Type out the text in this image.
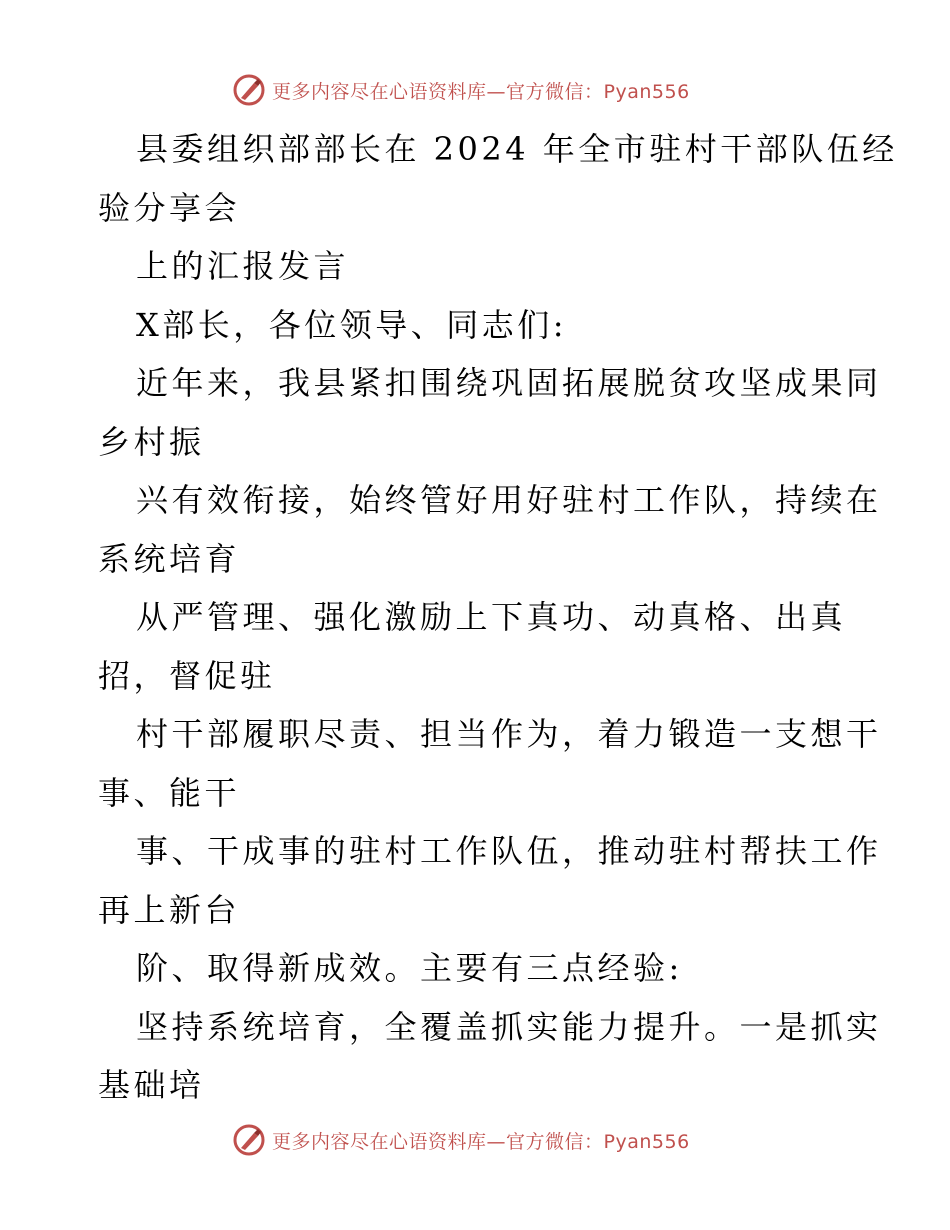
更多内容尽在心语资料库—官方微信：Pyan556
县委组织部部长在 2024 年全市驻村干部队伍经
验分享会
上的汇报发言
X部长，各位领导、同志们:
近年来，我县紧扣围绕巩固拓展脱贫攻坚成果同
乡村振
兴有效衔接，始终管好用好驻村工作队，持续在
系统培育
从严管理、强化激励上下真功、动真格、出真
招，督促驻
村干部履职尽责、担当作为，着力锻造一支想干
事、能干
事、干成事的驻村工作队伍，推动驻村帮扶工作
再上新台
阶、取得新成效。主要有三点经验:
坚持系统培育，全覆盖抓实能力提升。一是抓实
基础培
更多内容尽在心语资料库—官方微信：Pyan556
